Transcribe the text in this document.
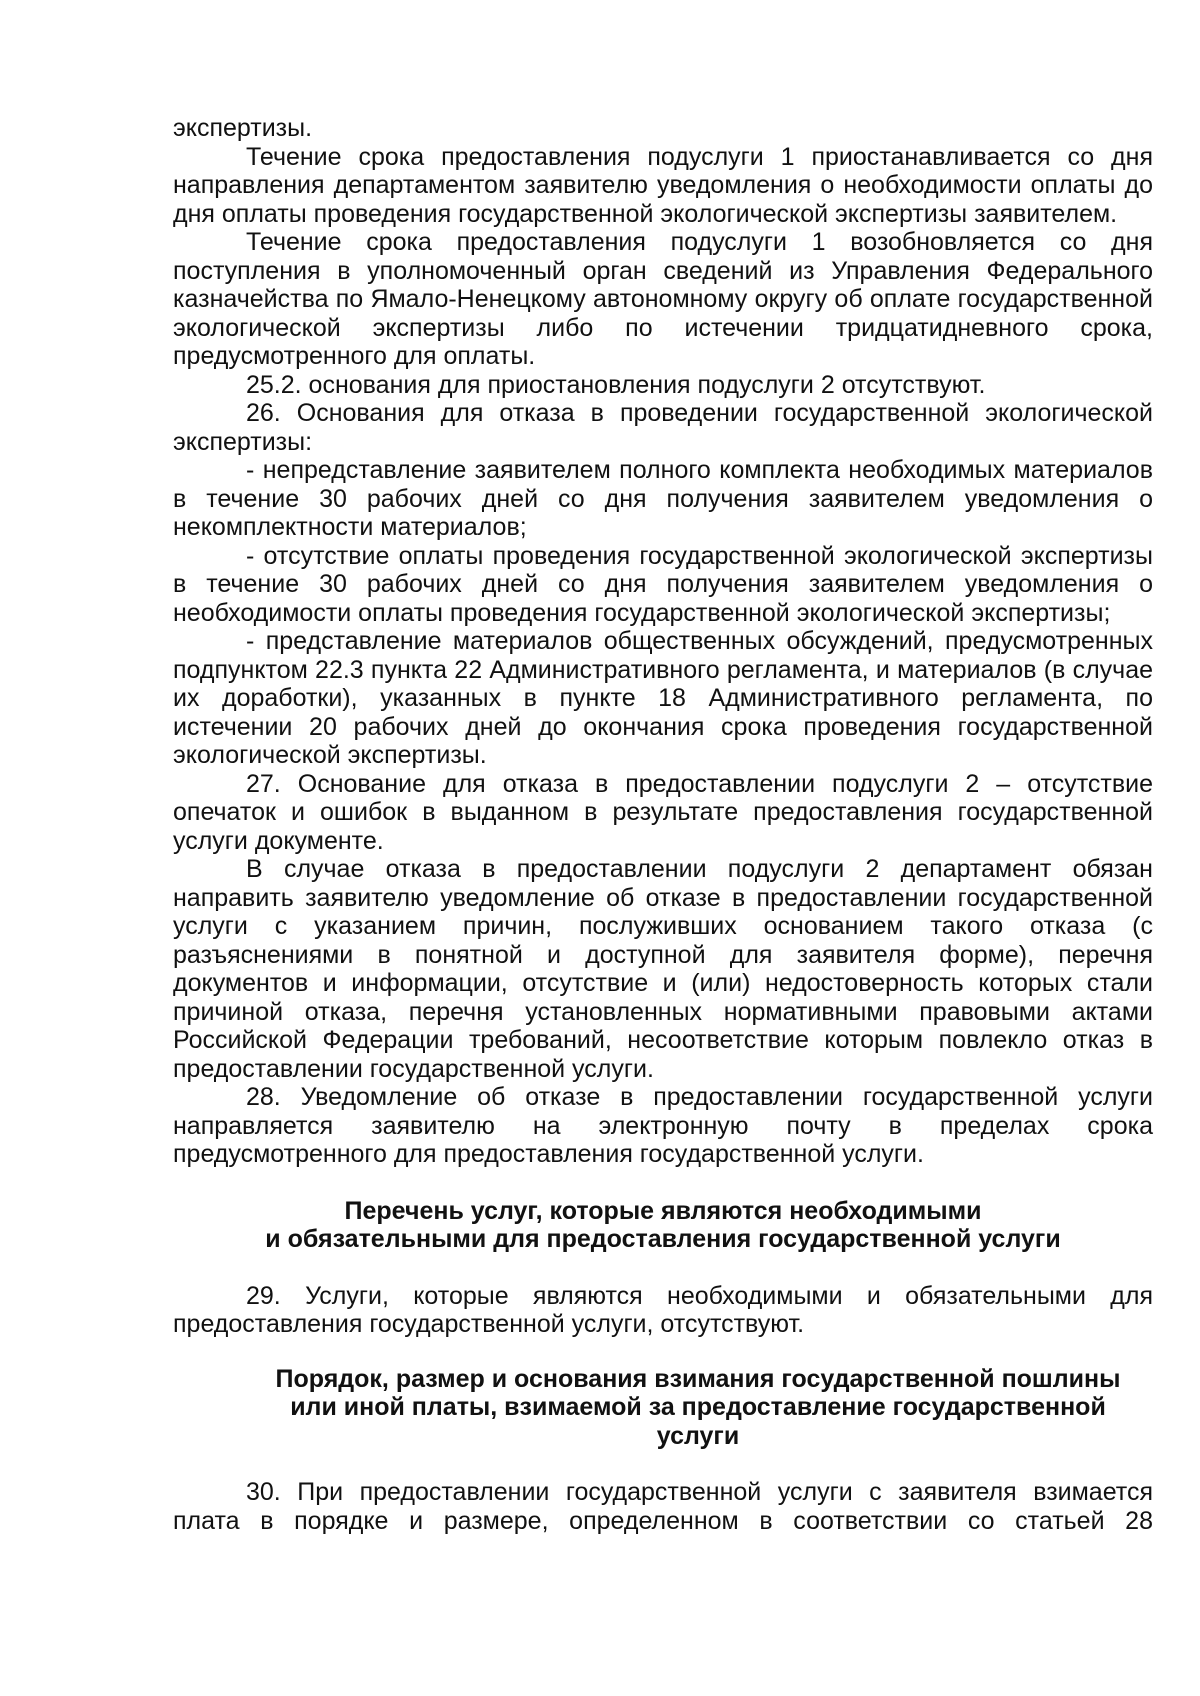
экспертизы.

Течение срока предоставления подуслуги 1 приостанавливается со дня направления департаментом заявителю уведомления о необходимости оплаты до дня оплаты проведения государственной экологической экспертизы заявителем.

Течение срока предоставления подуслуги 1 возобновляется со дня поступления в уполномоченный орган сведений из Управления Федерального казначейства по Ямало-Ненецкому автономному округу об оплате государственной экологической экспертизы либо по истечении тридцатидневного срока, предусмотренного для оплаты.

25.2. основания для приостановления подуслуги 2 отсутствуют.

26. Основания для отказа в проведении государственной экологической экспертизы:

- непредставление заявителем полного комплекта необходимых материалов в течение 30 рабочих дней со дня получения заявителем уведомления о некомплектности материалов;

- отсутствие оплаты проведения государственной экологической экспертизы в течение 30 рабочих дней со дня получения заявителем уведомления о необходимости оплаты проведения государственной экологической экспертизы;

- представление материалов общественных обсуждений, предусмотренных подпунктом 22.3 пункта 22 Административного регламента, и материалов (в случае их доработки), указанных в пункте 18 Административного регламента, по истечении 20 рабочих дней до окончания срока проведения государственной экологической экспертизы.

27. Основание для отказа в предоставлении подуслуги 2 – отсутствие опечаток и ошибок в выданном в результате предоставления государственной услуги документе.

В случае отказа в предоставлении подуслуги 2 департамент обязан направить заявителю уведомление об отказе в предоставлении государственной услуги с указанием причин, послуживших основанием такого отказа (с разъяснениями в понятной и доступной для заявителя форме), перечня документов и информации, отсутствие и (или) недостоверность которых стали причиной отказа, перечня установленных нормативными правовыми актами Российской Федерации требований, несоответствие которым повлекло отказ в предоставлении государственной услуги.

28. Уведомление об отказе в предоставлении государственной услуги направляется заявителю на электронную почту в пределах срока предусмотренного для предоставления государственной услуги.

Перечень услуг, которые являются необходимыми
и обязательными для предоставления государственной услуги

29. Услуги, которые являются необходимыми и обязательными для предоставления государственной услуги, отсутствуют.

Порядок, размер и основания взимания государственной пошлины
или иной платы, взимаемой за предоставление государственной
услуги

30. При предоставлении государственной услуги с заявителя взимается плата в порядке и размере, определенном в соответствии со статьей 28
